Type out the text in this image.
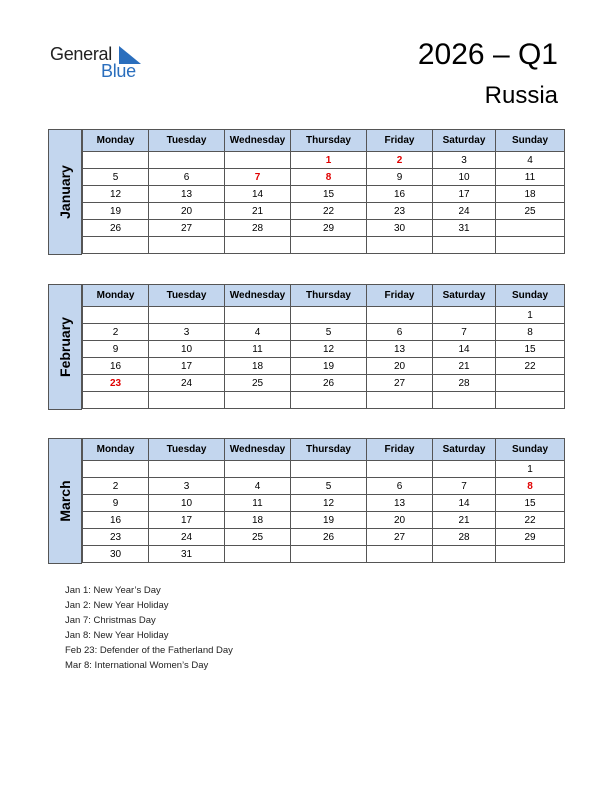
General
Blue	2026 – Q1
Russia
January
Monday	Tuesday	Wednesday	Thursday	Friday	Saturday	Sunday
			1	2	3	4
5	6	7	8	9	10	11
12	13	14	15	16	17	18
19	20	21	22	23	24	25
26	27	28	29	30	31	

February
Monday	Tuesday	Wednesday	Thursday	Friday	Saturday	Sunday
						1
2	3	4	5	6	7	8
9	10	11	12	13	14	15
16	17	18	19	20	21	22
23	24	25	26	27	28	

March
Monday	Tuesday	Wednesday	Thursday	Friday	Saturday	Sunday
						1
2	3	4	5	6	7	8
9	10	11	12	13	14	15
16	17	18	19	20	21	22
23	24	25	26	27	28	29
30	31					
Jan 1: New Year’s Day
Jan 2: New Year Holiday
Jan 7: Christmas Day
Jan 8: New Year Holiday
Feb 23: Defender of the Fatherland Day
Mar 8: International Women’s Day
